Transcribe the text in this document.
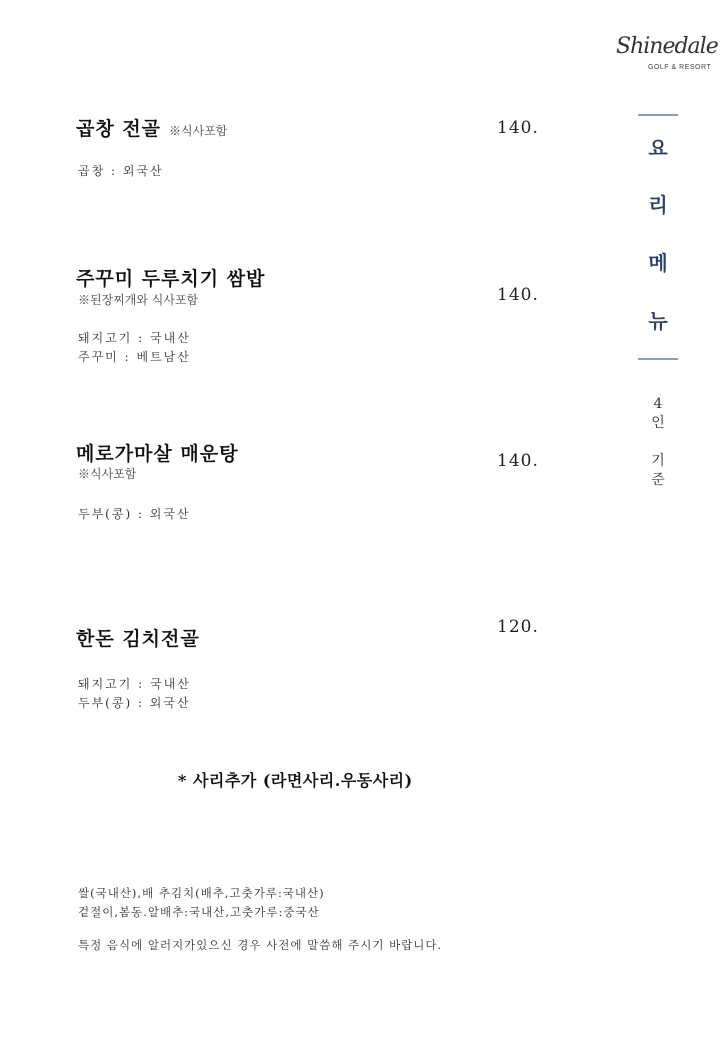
Shinedale
GOLF & RESORT
곱창 전골 ※식사포함	140.
곱창 : 외국산
주꾸미 두루치기 쌈밥
※된장찌개와 식사포함	140.
돼지고기 : 국내산
주꾸미 : 베트남산
메로가마살 매운탕
※식사포함
140.
두부(콩) : 외국산
한돈 김치전골
120.
돼지고기 : 국내산
두부(콩) : 외국산
요
리
메
뉴
4
인
기
준
* 사리추가 (라면사리.우동사리)
쌀(국내산),배 추김치(배추,고춧가루:국내산)
겉절이,봄동.알배추:국내산,고춧가루:중국산
특정 음식에 알러지가있으신 경우 사전에 말씀해 주시기 바랍니다.
